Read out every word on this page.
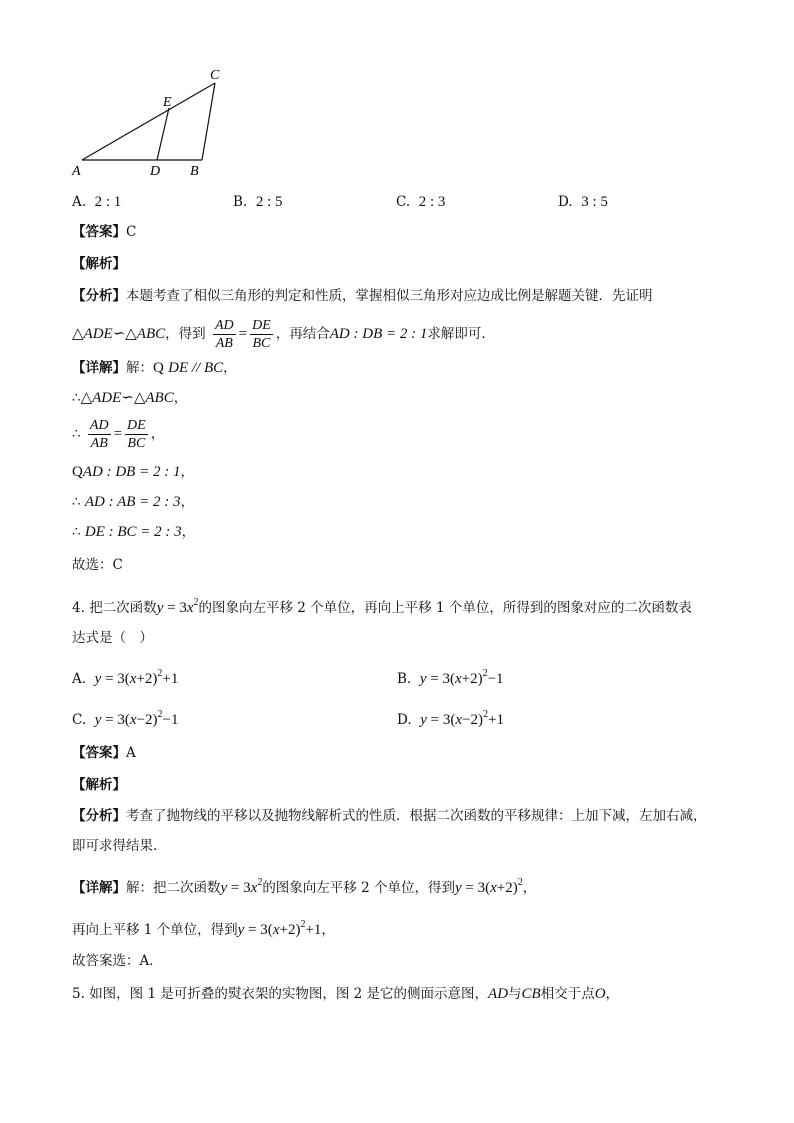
A	D B
E
C
A. 2 : 1	B. 2 : 5	C. 2 : 3	D. 3 : 5
【答案】C
【解析】
【分析】本题考查了相似三角形的判定和性质，掌握相似三角形对应边成比例是解题关键．先证明
△ADE∽△ABC，得到 $\frac{AD}{AB} = \frac{DE}{BC}$ ，再结合AD : DB = 2 : 1求解即可．
【详解】解：Q DE // BC，
∴△ADE∽△ABC，
∴ $\frac{AD}{AB} = \frac{DE}{BC}$ ，
QAD : DB = 2 : 1，
∴ AD : AB = 2 : 3，
∴ DE : BC = 2 : 3，
故选：C
4. 把二次函数$y = 3x^2$的图象向左平移 2 个单位，再向上平移 1 个单位，所得到的图象对应的二次函数表
达式是（　）
A. $y = 3(x+2)^2+1$	B. $y = 3(x+2)^2-1$
C. $y = 3(x-2)^2-1$	D. $y = 3(x-2)^2+1$
【答案】A
【解析】
【分析】考查了抛物线的平移以及抛物线解析式的性质．根据二次函数的平移规律：上加下减，左加右减，
即可求得结果．
【详解】解：把二次函数$y = 3x^2$的图象向左平移 2 个单位，得到$y = 3(x+2)^2$，
再向上平移 1 个单位，得到$y = 3(x+2)^2+1$，
故答案选：A．
5. 如图，图 1 是可折叠的熨衣架的实物图，图 2 是它的侧面示意图，AD与CB相交于点O，
